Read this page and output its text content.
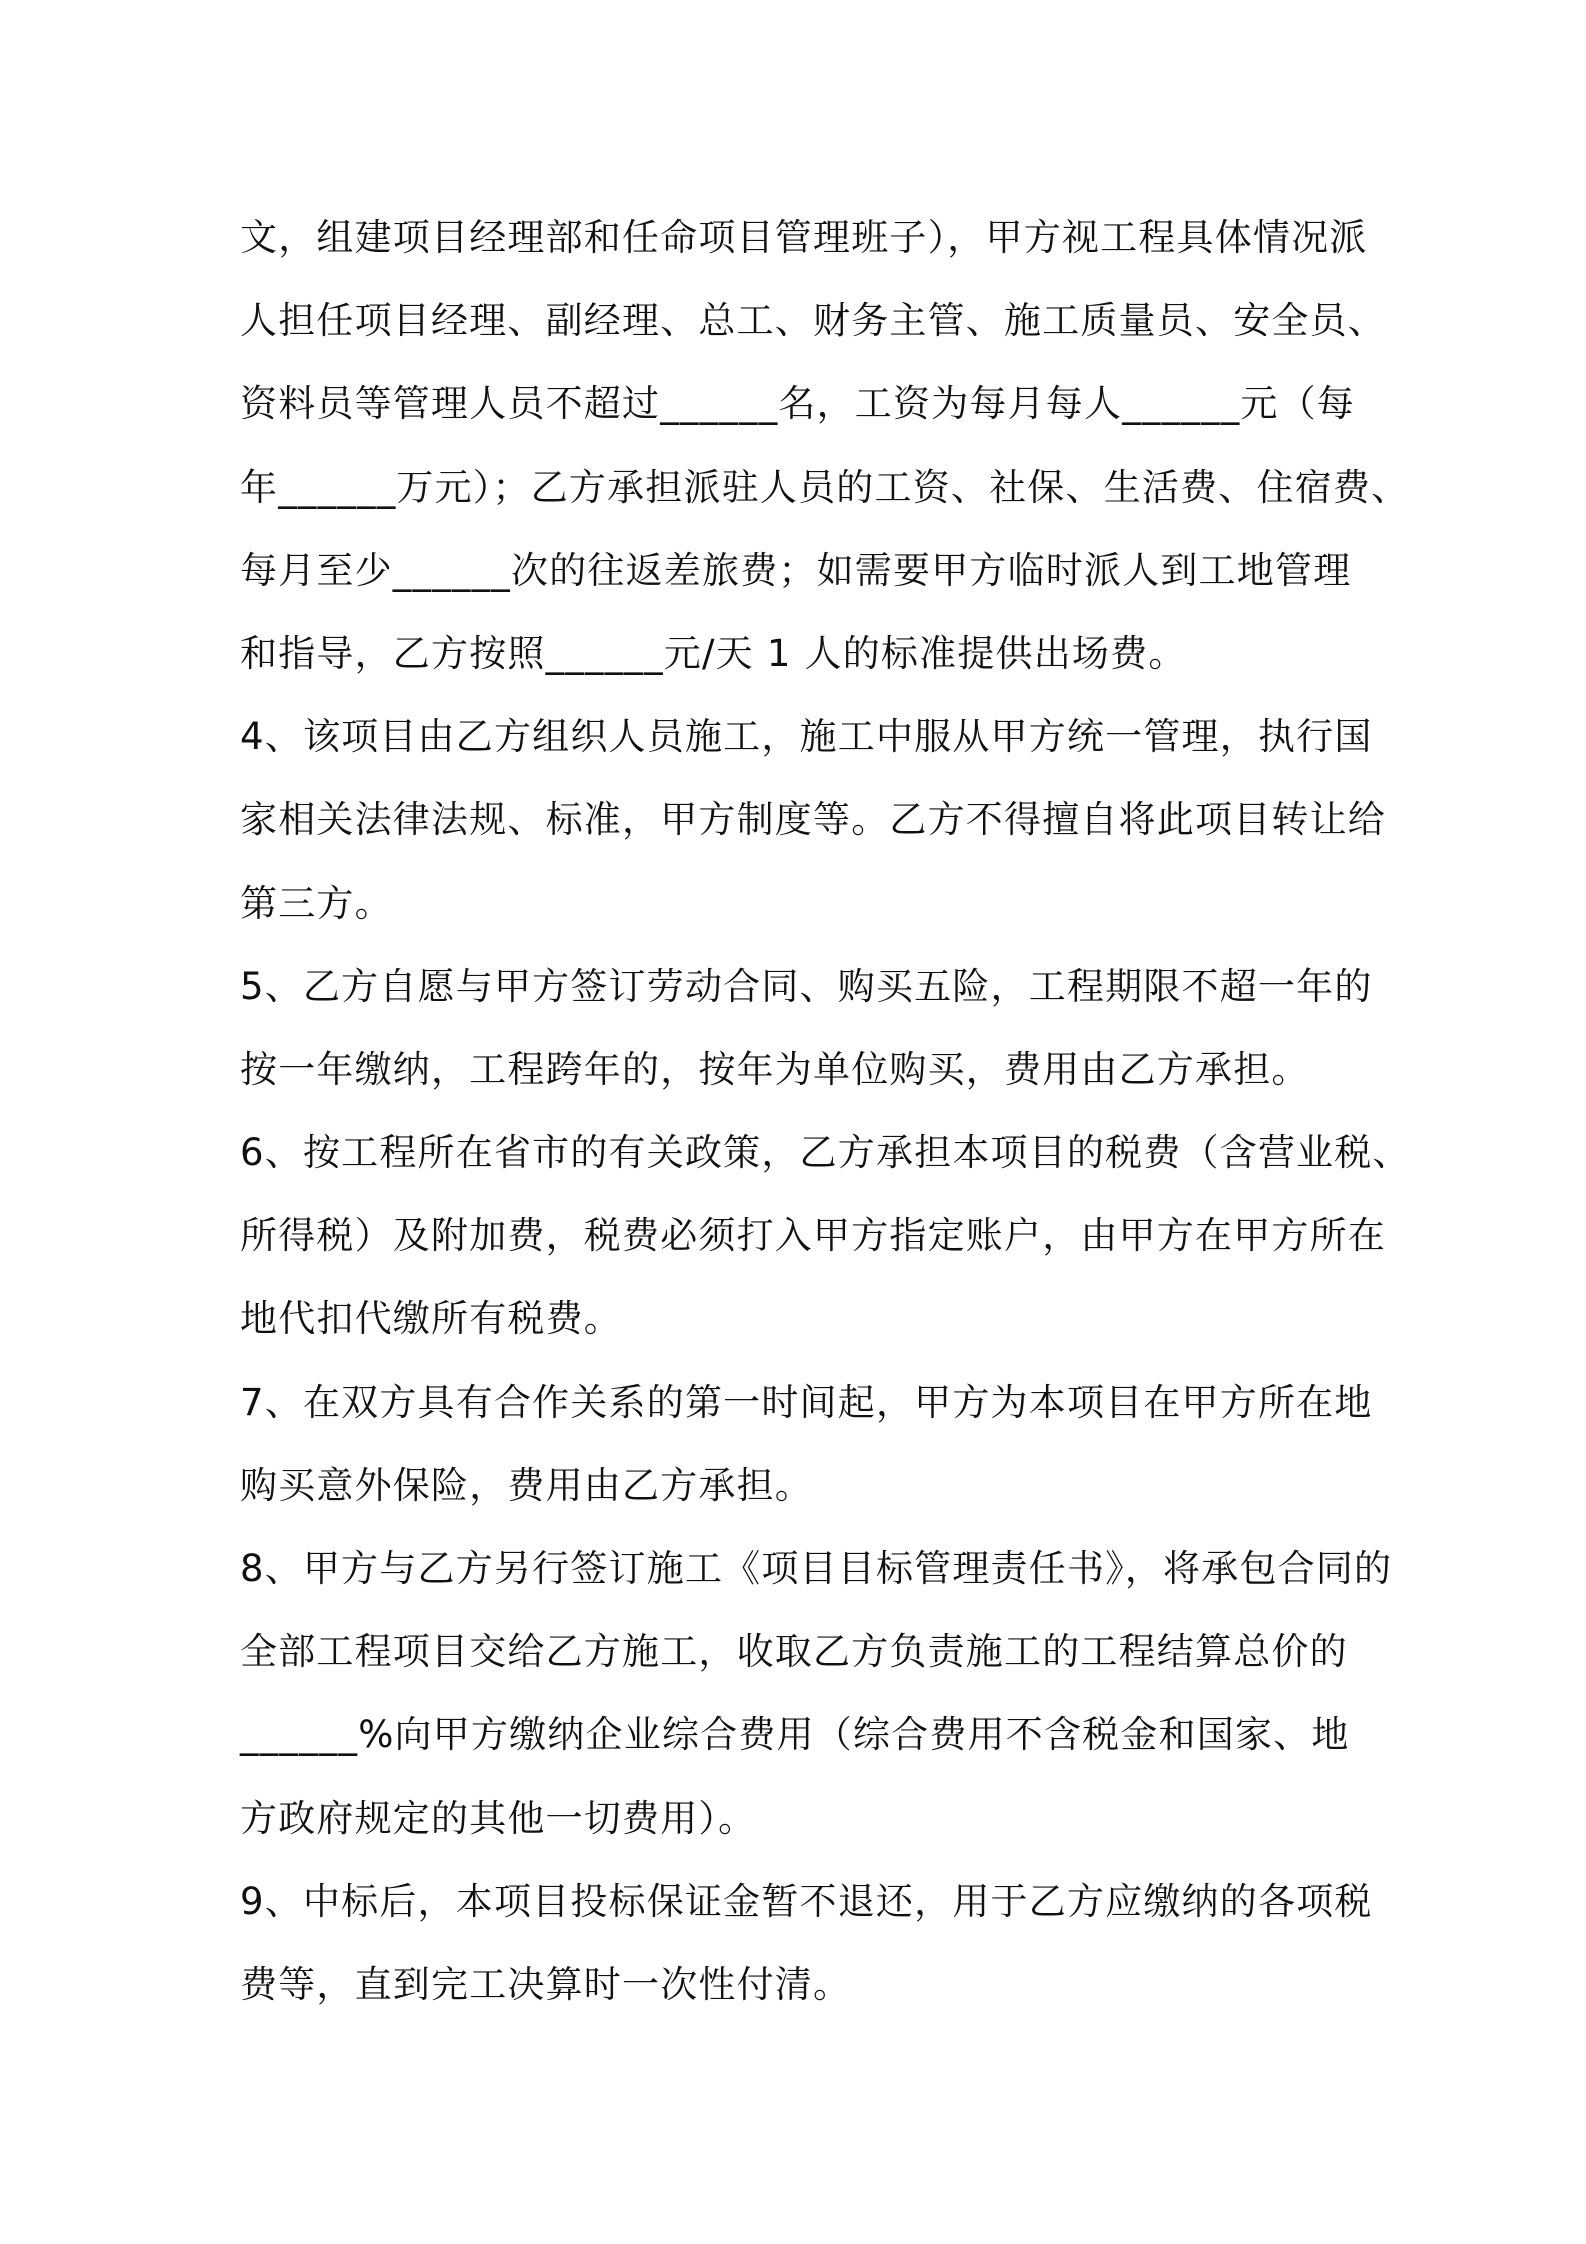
文，组建项目经理部和任命项目管理班子），甲方视工程具体情况派
人担任项目经理、副经理、总工、财务主管、施工质量员、安全员、
资料员等管理人员不超过______名，工资为每月每人______元（每
年______万元）；乙方承担派驻人员的工资、社保、生活费、住宿费、
每月至少______次的往返差旅费；如需要甲方临时派人到工地管理
和指导，乙方按照______元/天 1 人的标准提供出场费。
4、该项目由乙方组织人员施工，施工中服从甲方统一管理，执行国
家相关法律法规、标准，甲方制度等。乙方不得擅自将此项目转让给
第三方。
5、乙方自愿与甲方签订劳动合同、购买五险，工程期限不超一年的
按一年缴纳，工程跨年的，按年为单位购买，费用由乙方承担。
6、按工程所在省市的有关政策，乙方承担本项目的税费（含营业税、
所得税）及附加费，税费必须打入甲方指定账户，由甲方在甲方所在
地代扣代缴所有税费。
7、在双方具有合作关系的第一时间起，甲方为本项目在甲方所在地
购买意外保险，费用由乙方承担。
8、甲方与乙方另行签订施工《项目目标管理责任书》，将承包合同的
全部工程项目交给乙方施工，收取乙方负责施工的工程结算总价的
______%向甲方缴纳企业综合费用（综合费用不含税金和国家、地
方政府规定的其他一切费用）。
9、中标后，本项目投标保证金暂不退还，用于乙方应缴纳的各项税
费等，直到完工决算时一次性付清。
